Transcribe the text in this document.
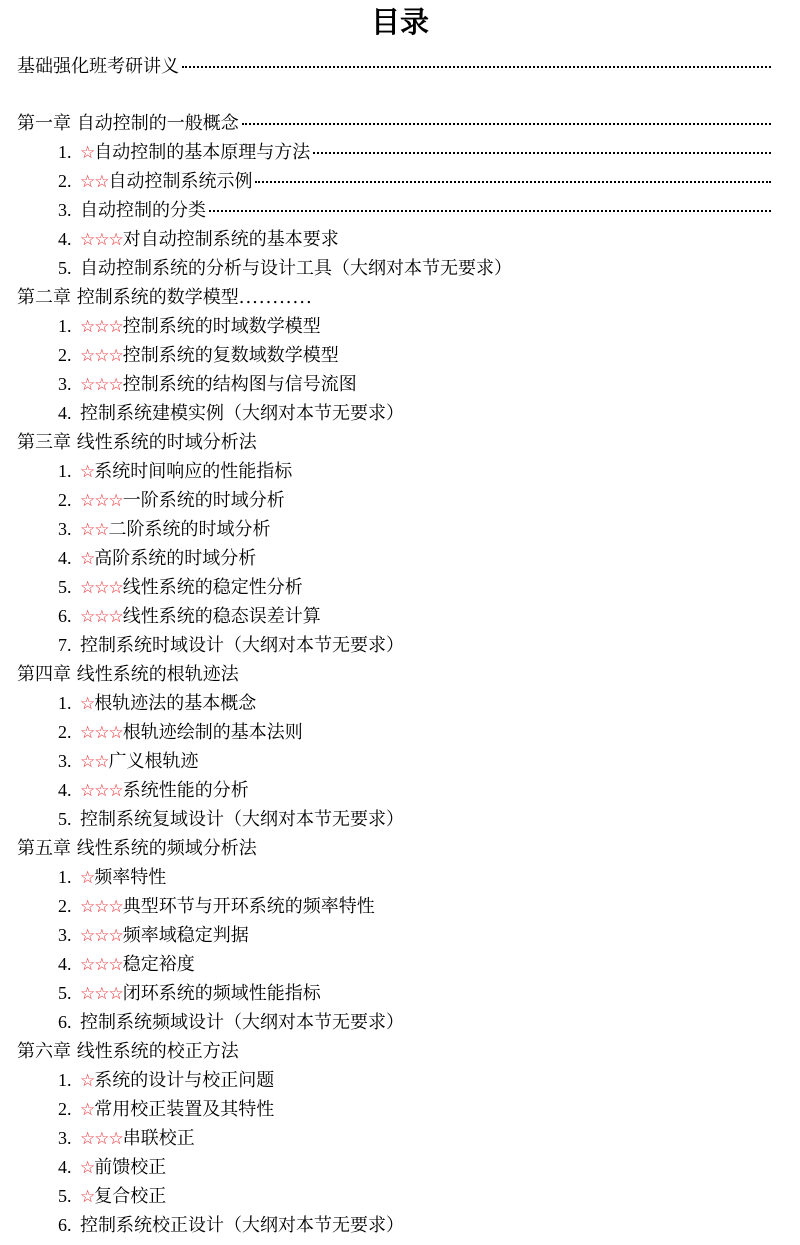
目录
基础强化班考研讲义
第一章 自动控制的一般概念
1. ☆自动控制的基本原理与方法
2. ☆☆自动控制系统示例
3. 自动控制的分类
4. ☆☆☆对自动控制系统的基本要求
5. 自动控制系统的分析与设计工具（大纲对本节无要求）
第二章 控制系统的数学模型 ...........
1. ☆☆☆控制系统的时域数学模型
2. ☆☆☆控制系统的复数域数学模型
3. ☆☆☆控制系统的结构图与信号流图
4. 控制系统建模实例（大纲对本节无要求）
第三章 线性系统的时域分析法
1. ☆系统时间响应的性能指标
2. ☆☆☆一阶系统的时域分析
3. ☆☆二阶系统的时域分析
4. ☆高阶系统的时域分析
5. ☆☆☆线性系统的稳定性分析
6. ☆☆☆线性系统的稳态误差计算
7. 控制系统时域设计（大纲对本节无要求）
第四章 线性系统的根轨迹法
1. ☆根轨迹法的基本概念
2. ☆☆☆根轨迹绘制的基本法则
3. ☆☆广义根轨迹
4. ☆☆☆系统性能的分析
5. 控制系统复域设计（大纲对本节无要求）
第五章 线性系统的频域分析法
1. ☆频率特性
2. ☆☆☆典型环节与开环系统的频率特性
3. ☆☆☆频率域稳定判据
4. ☆☆☆稳定裕度
5. ☆☆☆闭环系统的频域性能指标
6. 控制系统频域设计（大纲对本节无要求）
第六章 线性系统的校正方法
1. ☆系统的设计与校正问题
2. ☆常用校正装置及其特性
3. ☆☆☆串联校正
4. ☆前馈校正
5. ☆复合校正
6. 控制系统校正设计（大纲对本节无要求）
